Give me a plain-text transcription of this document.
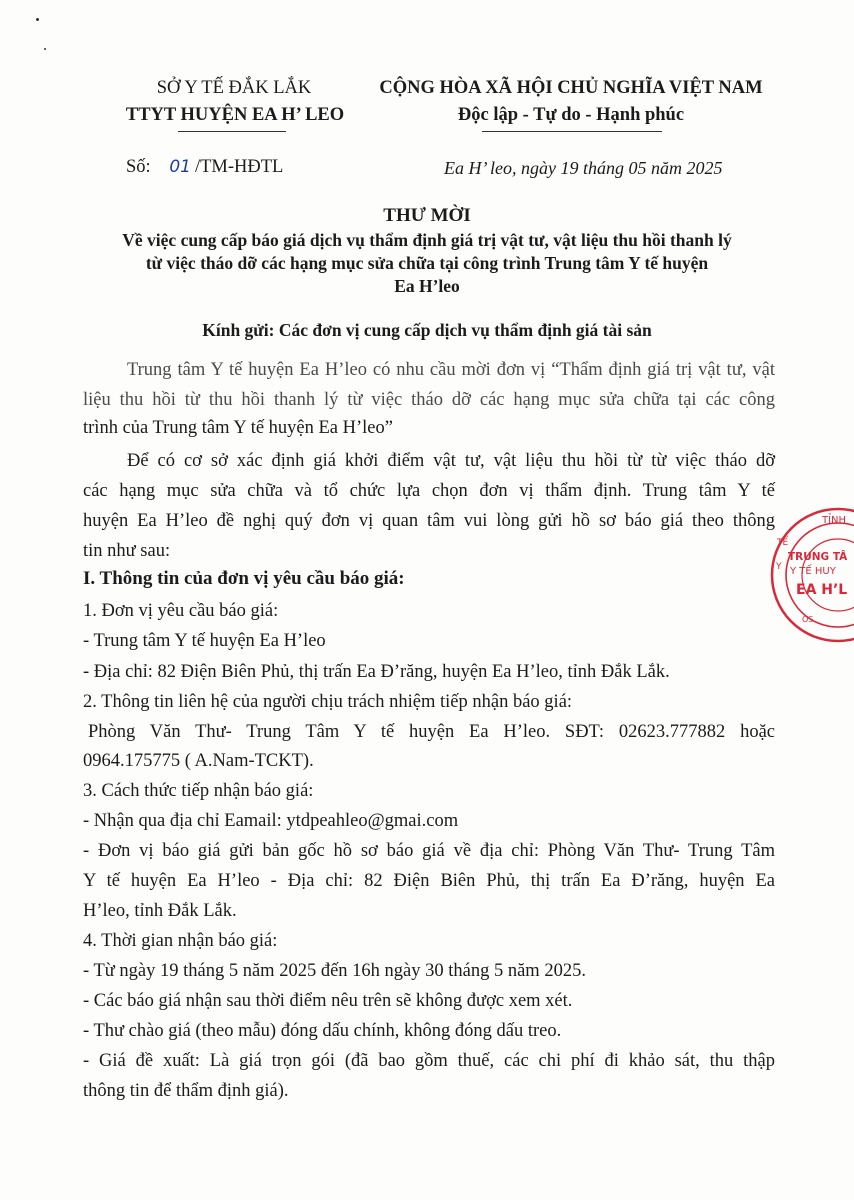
SỞ Y TẾ ĐẮK LẮK
TTYT HUYỆN EA H’ LEO
CỘNG HÒA XÃ HỘI CHỦ NGHĨA VIỆT NAM
Độc lập - Tự do - Hạnh phúc
Số: 01 /TM-HĐTL	Ea H’ leo, ngày 19 tháng 05 năm 2025
THƯ MỜI
Về việc cung cấp báo giá dịch vụ thẩm định giá trị vật tư, vật liệu thu hồi thanh lý
từ việc tháo dỡ các hạng mục sửa chữa tại công trình Trung tâm Y tế huyện
Ea H’leo
Kính gửi: Các đơn vị cung cấp dịch vụ thẩm định giá tài sản
Trung tâm Y tế huyện Ea H’leo có nhu cầu mời đơn vị “Thẩm định giá trị vật tư, vật
liệu thu hồi từ thu hồi thanh lý từ việc tháo dỡ các hạng mục sửa chữa tại các công
trình của Trung tâm Y tế huyện Ea H’leo”
Để có cơ sở xác định giá khởi điểm vật tư, vật liệu thu hồi từ từ việc tháo dỡ
các hạng mục sửa chữa và tổ chức lựa chọn đơn vị thẩm định. Trung tâm Y tế
huyện Ea H’leo đề nghị quý đơn vị quan tâm vui lòng gửi hồ sơ báo giá theo thông
tin như sau:
I. Thông tin của đơn vị yêu cầu báo giá:
1. Đơn vị yêu cầu báo giá:
- Trung tâm Y tế huyện Ea H’leo
- Địa chỉ: 82 Điện Biên Phủ, thị trấn Ea Đ’răng, huyện Ea H’leo, tỉnh Đắk Lắk.
2. Thông tin liên hệ của người chịu trách nhiệm tiếp nhận báo giá:
Phòng Văn Thư- Trung Tâm Y tế huyện Ea H’leo. SĐT: 02623.777882 hoặc
0964.175775 ( A.Nam-TCKT).
3. Cách thức tiếp nhận báo giá:
- Nhận qua địa chỉ Eamail: ytdpeahleo@gmai.com
- Đơn vị báo giá gửi bản gốc hồ sơ báo giá về địa chỉ: Phòng Văn Thư- Trung Tâm
Y tế huyện Ea H’leo - Địa chỉ: 82 Điện Biên Phủ, thị trấn Ea Đ’răng, huyện Ea
H’leo, tỉnh Đắk Lắk.
4. Thời gian nhận báo giá:
- Từ ngày 19 tháng 5 năm 2025 đến 16h ngày 30 tháng 5 năm 2025.
- Các báo giá nhận sau thời điểm nêu trên sẽ không được xem xét.
- Thư chào giá (theo mẫu) đóng dấu chính, không đóng dấu treo.
- Giá đề xuất: Là giá trọn gói (đã bao gồm thuế, các chi phí đi khảo sát, thu thập
thông tin để thẩm định giá).
TỈNH
Y
TẾ
TRUNG TÂ
Y TẾ HUY
EA H’L
OS
